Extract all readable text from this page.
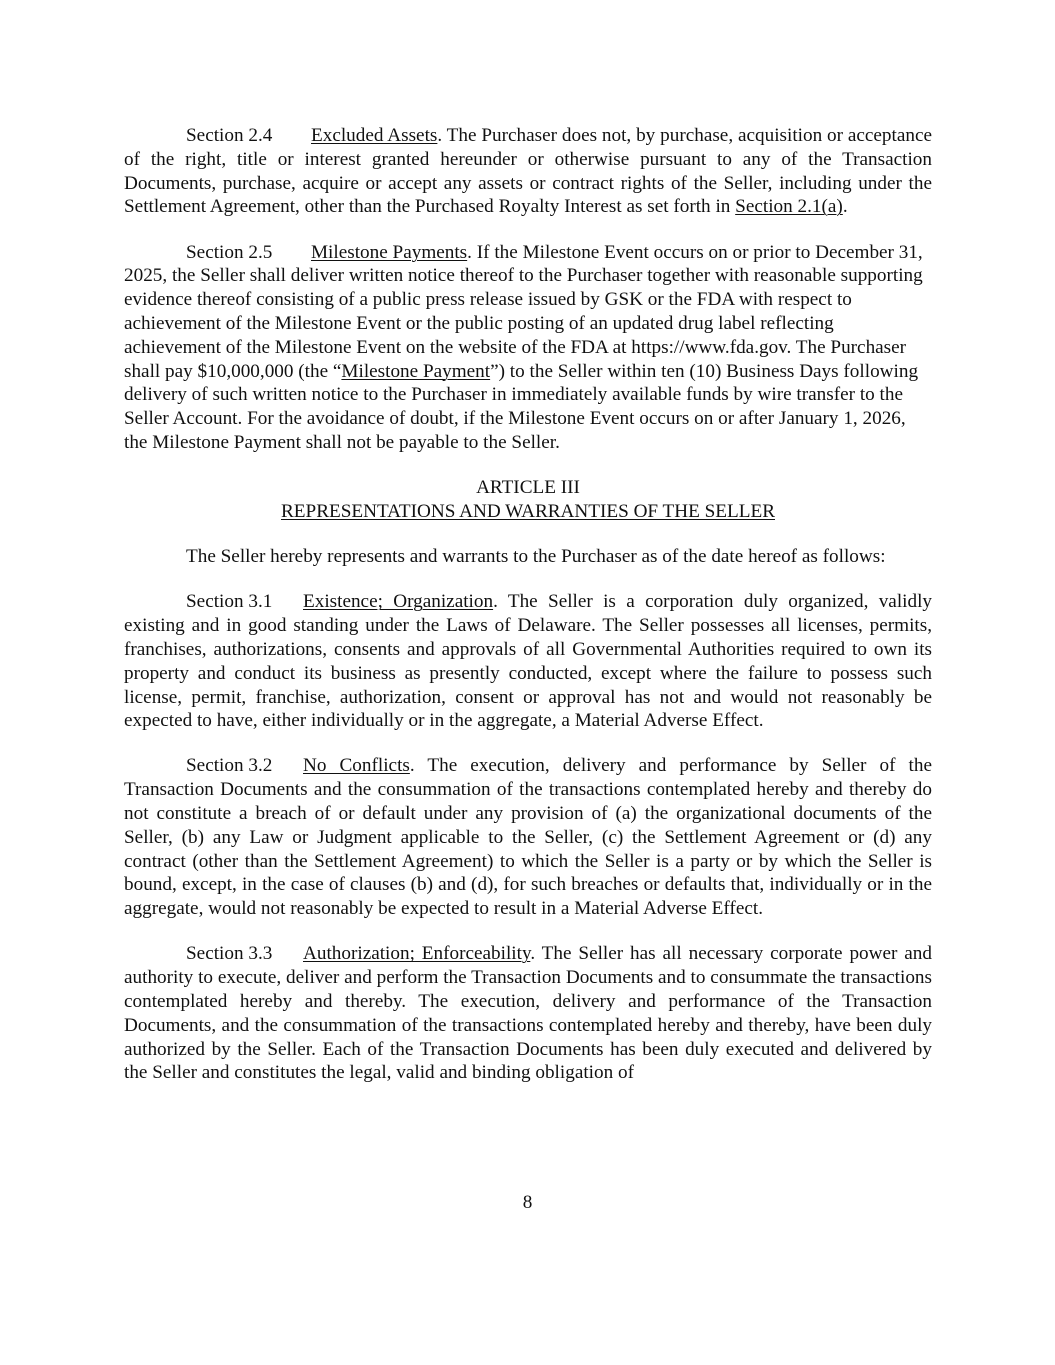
Section 2.4 Excluded Assets. The Purchaser does not, by purchase, acquisition or acceptance of the right, title or interest granted hereunder or otherwise pursuant to any of the Transaction Documents, purchase, acquire or accept any assets or contract rights of the Seller, including under the Settlement Agreement, other than the Purchased Royalty Interest as set forth in Section 2.1(a).

Section 2.5 Milestone Payments. If the Milestone Event occurs on or prior to December 31, 2025, the Seller shall deliver written notice thereof to the Purchaser together with reasonable supporting evidence thereof consisting of a public press release issued by GSK or the FDA with respect to achievement of the Milestone Event or the public posting of an updated drug label reflecting achievement of the Milestone Event on the website of the FDA at https://www.fda.gov. The Purchaser shall pay $10,000,000 (the “Milestone Payment”) to the Seller within ten (10) Business Days following delivery of such written notice to the Purchaser in immediately available funds by wire transfer to the Seller Account. For the avoidance of doubt, if the Milestone Event occurs on or after January 1, 2026, the Milestone Payment shall not be payable to the Seller.

ARTICLE III
REPRESENTATIONS AND WARRANTIES OF THE SELLER

The Seller hereby represents and warrants to the Purchaser as of the date hereof as follows:

Section 3.1 Existence; Organization. The Seller is a corporation duly organized, validly existing and in good standing under the Laws of Delaware. The Seller possesses all licenses, permits, franchises, authorizations, consents and approvals of all Governmental Authorities required to own its property and conduct its business as presently conducted, except where the failure to possess such license, permit, franchise, authorization, consent or approval has not and would not reasonably be expected to have, either individually or in the aggregate, a Material Adverse Effect.

Section 3.2 No Conflicts. The execution, delivery and performance by Seller of the Transaction Documents and the consummation of the transactions contemplated hereby and thereby do not constitute a breach of or default under any provision of (a) the organizational documents of the Seller, (b) any Law or Judgment applicable to the Seller, (c) the Settlement Agreement or (d) any contract (other than the Settlement Agreement) to which the Seller is a party or by which the Seller is bound, except, in the case of clauses (b) and (d), for such breaches or defaults that, individually or in the aggregate, would not reasonably be expected to result in a Material Adverse Effect.

Section 3.3 Authorization; Enforceability. The Seller has all necessary corporate power and authority to execute, deliver and perform the Transaction Documents and to consummate the transactions contemplated hereby and thereby. The execution, delivery and performance of the Transaction Documents, and the consummation of the transactions contemplated hereby and thereby, have been duly authorized by the Seller. Each of the Transaction Documents has been duly executed and delivered by the Seller and constitutes the legal, valid and binding obligation of

8
